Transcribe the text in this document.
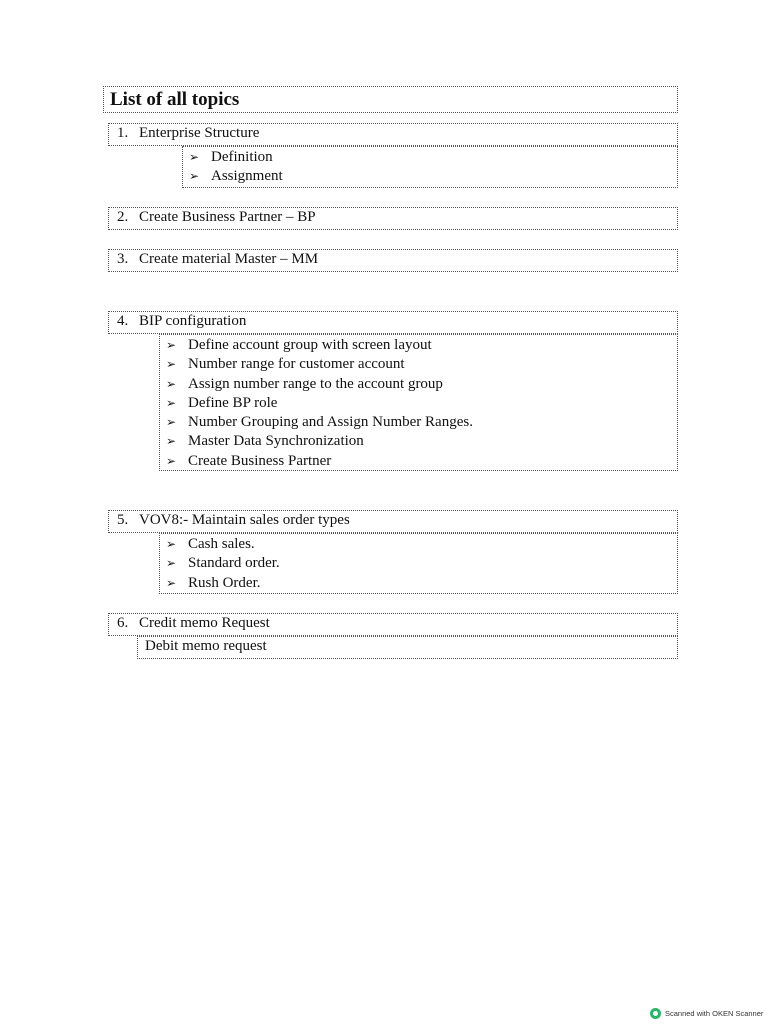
List of all topics
1. Enterprise Structure
➢ Definition
➢ Assignment
2. Create Business Partner – BP
3. Create material Master – MM
4. BIP configuration
➢ Define account group with screen layout
➢ Number range for customer account
➢ Assign number range to the account group
➢ Define BP role
➢ Number Grouping and Assign Number Ranges.
➢ Master Data Synchronization
➢ Create Business Partner
5. VOV8:- Maintain sales order types
➢ Cash sales.
➢ Standard order.
➢ Rush Order.
6. Credit memo Request
Debit memo request
Scanned with OKEN Scanner
